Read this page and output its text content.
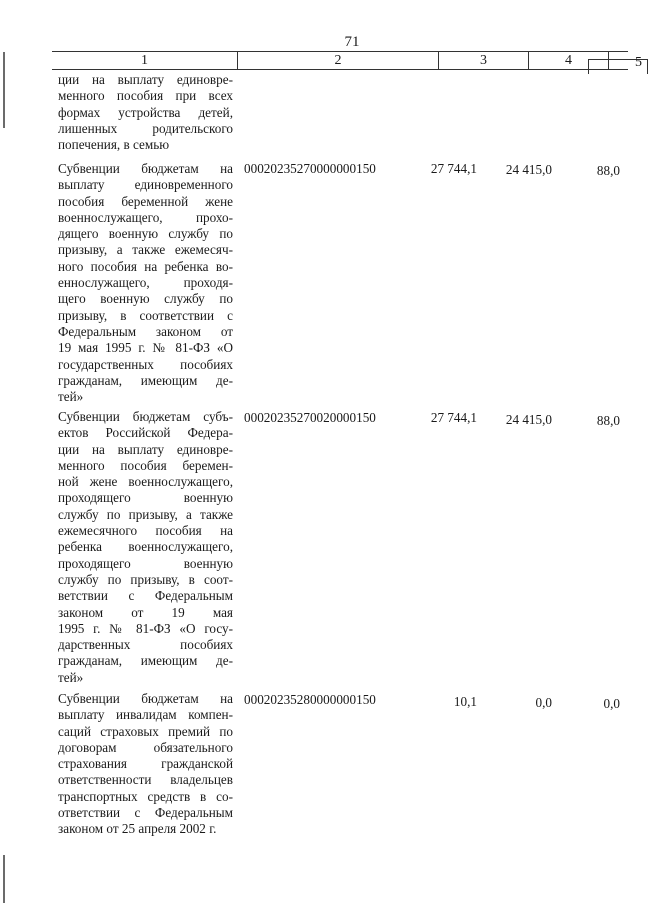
71
1	2	3	4	5
ции на выплату единовре-
менного пособия при всех
формах устройства детей,
лишенных родительского
попечения, в семью
Субвенции бюджетам на
выплату единовременного
пособия беременной жене
военнослужащего, прохо-
дящего военную службу по
призыву, а также ежемесяч-
ного пособия на ребенка во-
еннослужащего, проходя-
щего военную службу по
призыву, в соответствии с
Федеральным законом от
19 мая 1995 г. № 81-ФЗ «О
государственных пособиях
гражданам, имеющим де-
тей»
00020235270000000150	27 744,1	24 415,0	88,0
Субвенции бюджетам субъ-
ектов Российской Федера-
ции на выплату единовре-
менного пособия беремен-
ной жене военнослужащего,
проходящего военную
службу по призыву, а также
ежемесячного пособия на
ребенка военнослужащего,
проходящего военную
службу по призыву, в соот-
ветствии с Федеральным
законом от 19 мая
1995 г. № 81-ФЗ «О госу-
дарственных пособиях
гражданам, имеющим де-
тей»
00020235270020000150	27 744,1	24 415,0	88,0
Субвенции бюджетам на
выплату инвалидам компен-
саций страховых премий по
договорам обязательного
страхования гражданской
ответственности владельцев
транспортных средств в со-
ответствии с Федеральным
законом от 25 апреля 2002 г.
00020235280000000150	10,1	0,0	0,0
